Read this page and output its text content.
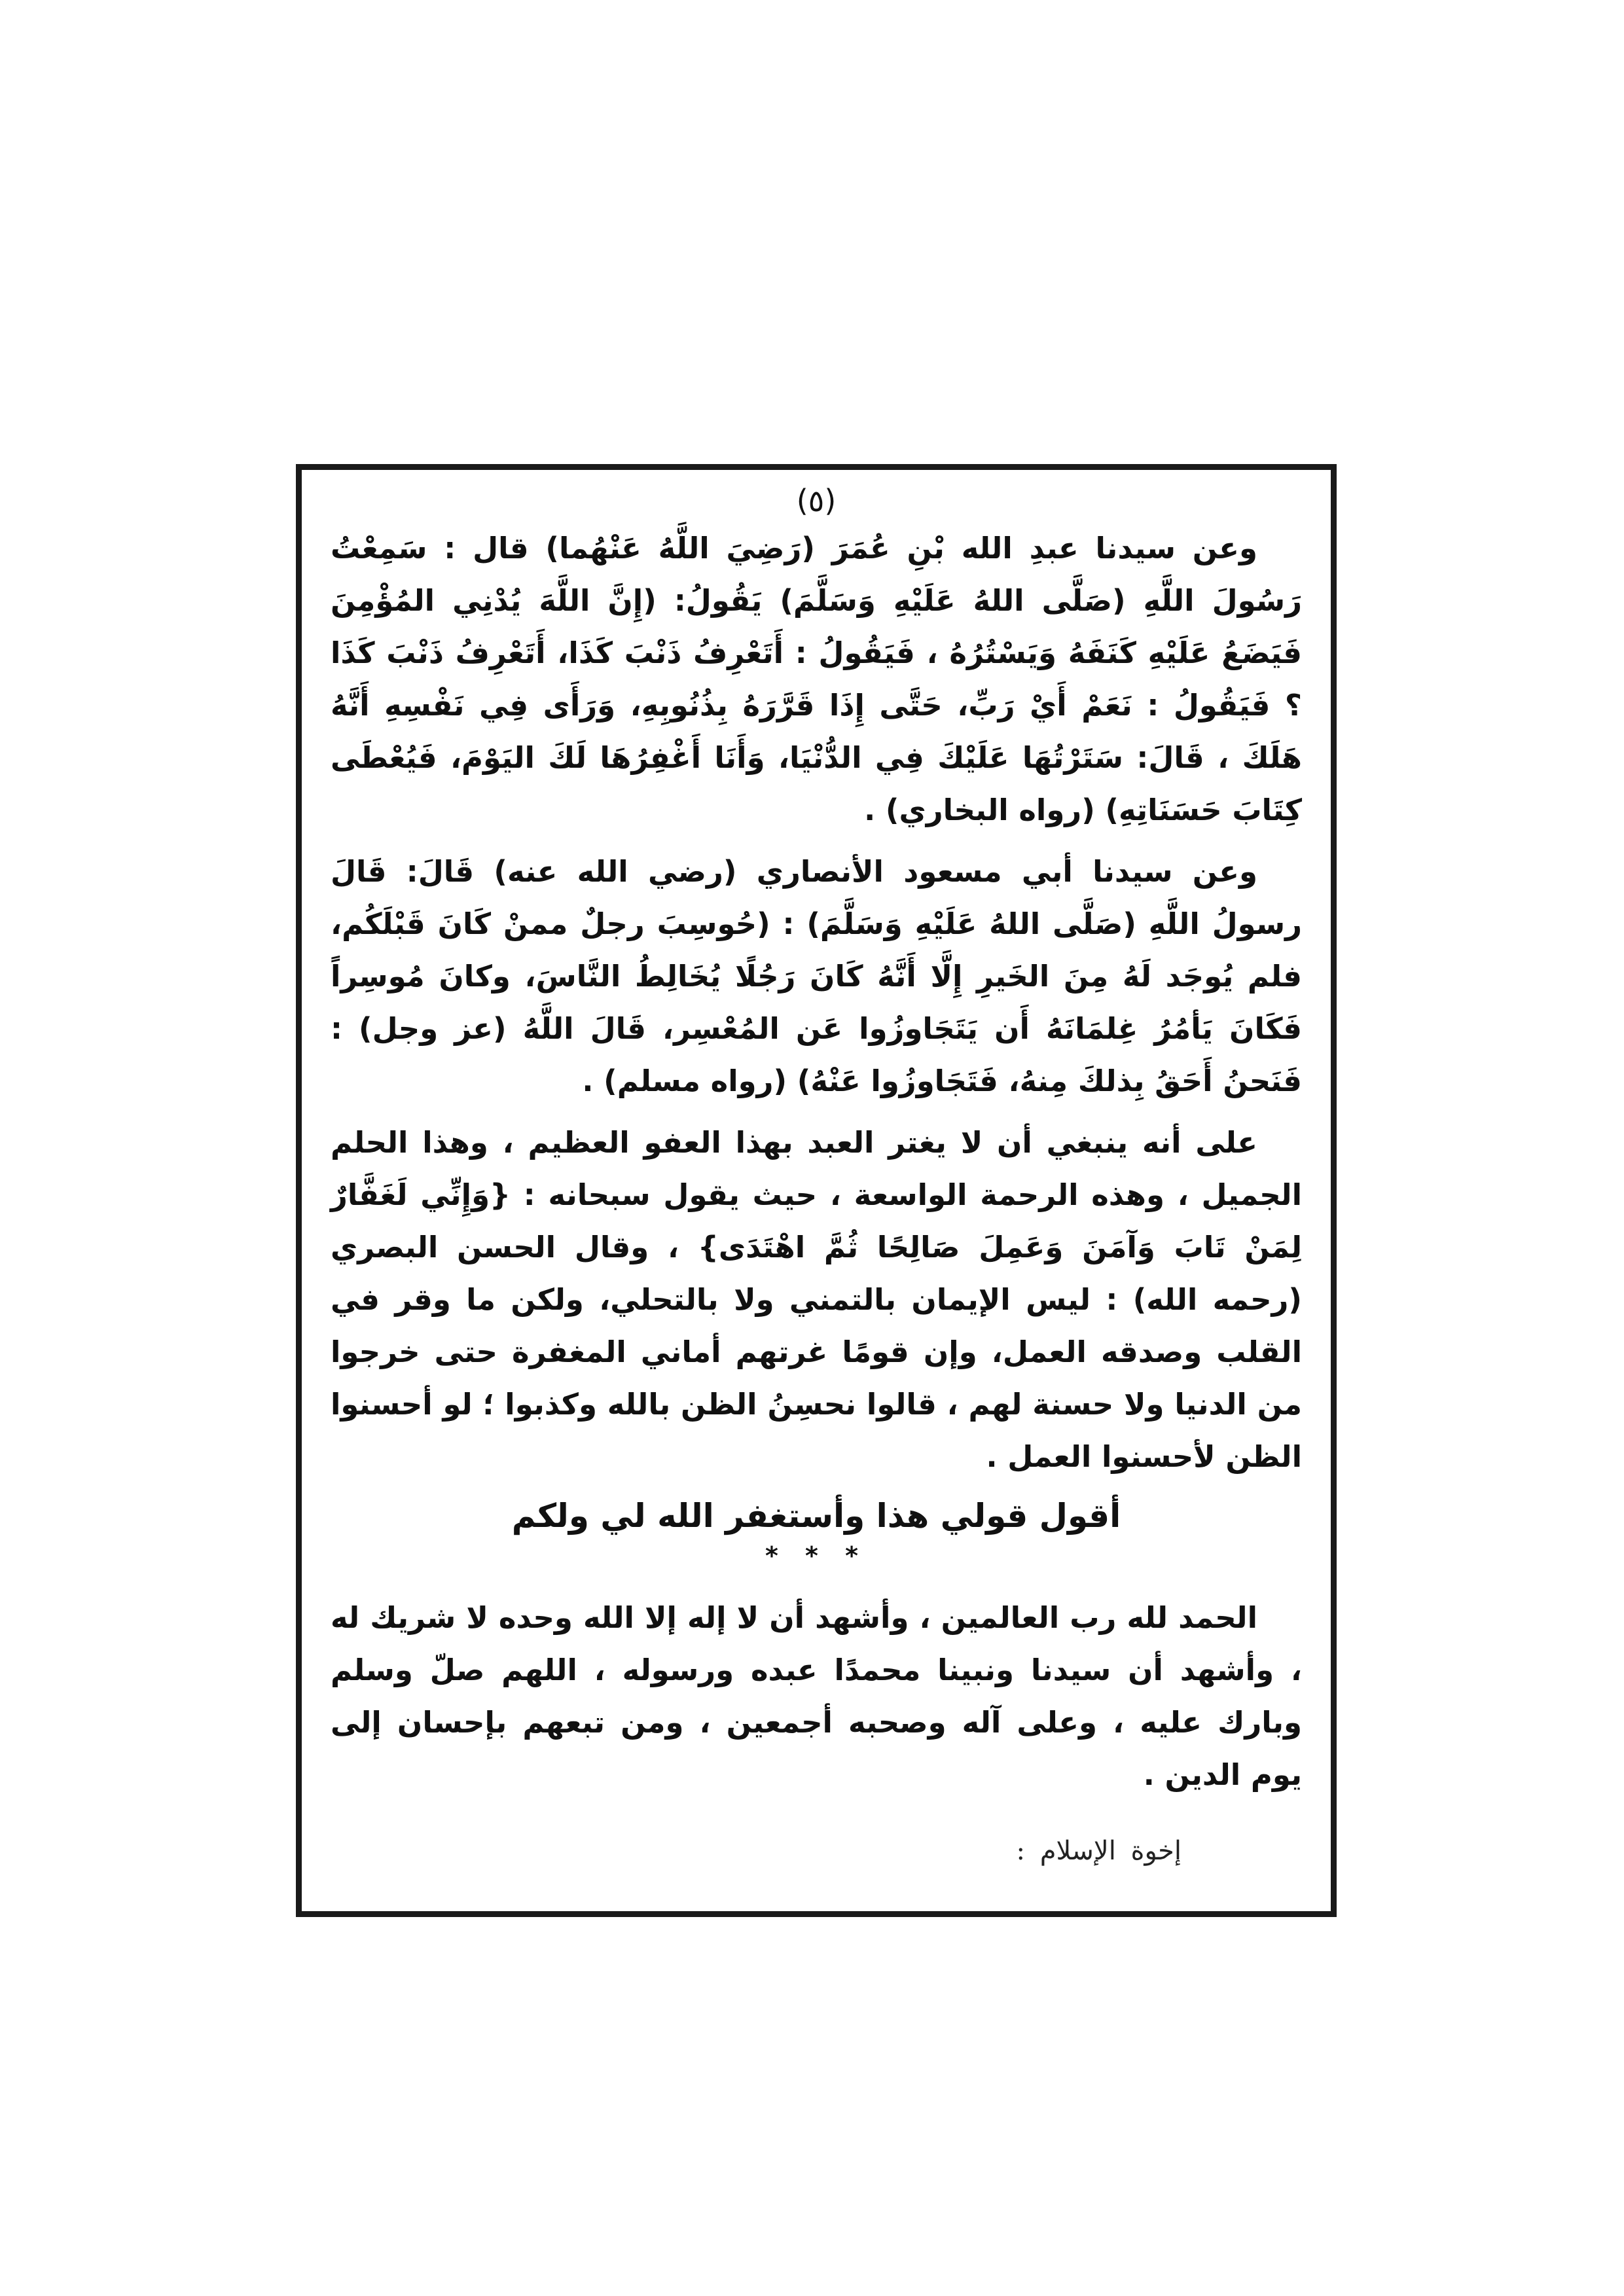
(٥)

وعن سيدنا عبدِ الله بْنِ عُمَرَ (رَضِيَ اللَّهُ عَنْهُما) قال : سَمِعْتُ رَسُولَ اللَّهِ (صَلَّى اللهُ عَلَيْهِ وَسَلَّمَ) يَقُولُ: (إِنَّ اللَّهَ يُدْنِي المُؤْمِنَ فَيَضَعُ عَلَيْهِ كَنَفَهُ وَيَسْتُرُهُ ، فَيَقُولُ : أَتَعْرِفُ ذَنْبَ كَذَا، أَتَعْرِفُ ذَنْبَ كَذَا ؟ فَيَقُولُ : نَعَمْ أَيْ رَبِّ، حَتَّى إِذَا قَرَّرَهُ بِذُنُوبِهِ، وَرَأَى فِي نَفْسِهِ أَنَّهُ هَلَكَ ، قَالَ: سَتَرْتُهَا عَلَيْكَ فِي الدُّنْيَا، وَأَنَا أَغْفِرُهَا لَكَ اليَوْمَ، فَيُعْطَى كِتَابَ حَسَنَاتِهِ) (رواه البخاري) .

وعن سيدنا أبي مسعود الأنصاري (رضي الله عنه) قَالَ: قَالَ رسولُ اللَّهِ (صَلَّى اللهُ عَلَيْهِ وَسَلَّمَ) : (حُوسِبَ رجلٌ ممنْ كَانَ قَبْلَكُم، فلم يُوجَد لَهُ مِنَ الخَيرِ إِلَّا أَنَّهُ كَانَ رَجُلًا يُخَالِطُ النَّاسَ، وكانَ مُوسِراً فَكَانَ يَأمُرُ غِلمَانَهُ أَن يَتَجَاوزُوا عَن المُعْسِر، قَالَ اللَّهُ (عز وجل) : فَنَحنُ أَحَقُ بِذلكَ مِنهُ، فَتَجَاوزُوا عَنْهُ) (رواه مسلم) .

على أنه ينبغي أن لا يغتر العبد بهذا العفو العظيم ، وهذا الحلم الجميل ، وهذه الرحمة الواسعة ، حيث يقول سبحانه : {وَإِنِّي لَغَفَّارٌ لِمَنْ تَابَ وَآمَنَ وَعَمِلَ صَالِحًا ثُمَّ اهْتَدَى} ، وقال الحسن البصري (رحمه الله) : ليس الإيمان بالتمني ولا بالتحلي، ولكن ما وقر في القلب وصدقه العمل، وإن قومًا غرتهم أماني المغفرة حتى خرجوا من الدنيا ولا حسنة لهم ، قالوا نحسِنُ الظن بالله وكذبوا ؛ لو أحسنوا الظن لأحسنوا العمل .

أقول قولي هذا وأستغفر الله لي ولكم

* * *

الحمد لله رب العالمين ، وأشهد أن لا إله إلا الله وحده لا شريك له ، وأشهد أن سيدنا ونبينا محمدًا عبده ورسوله ، اللهم صلّ وسلم وبارك عليه ، وعلى آله وصحبه أجمعين ، ومن تبعهم بإحسان إلى يوم الدين .

إخوة الإسلام :
